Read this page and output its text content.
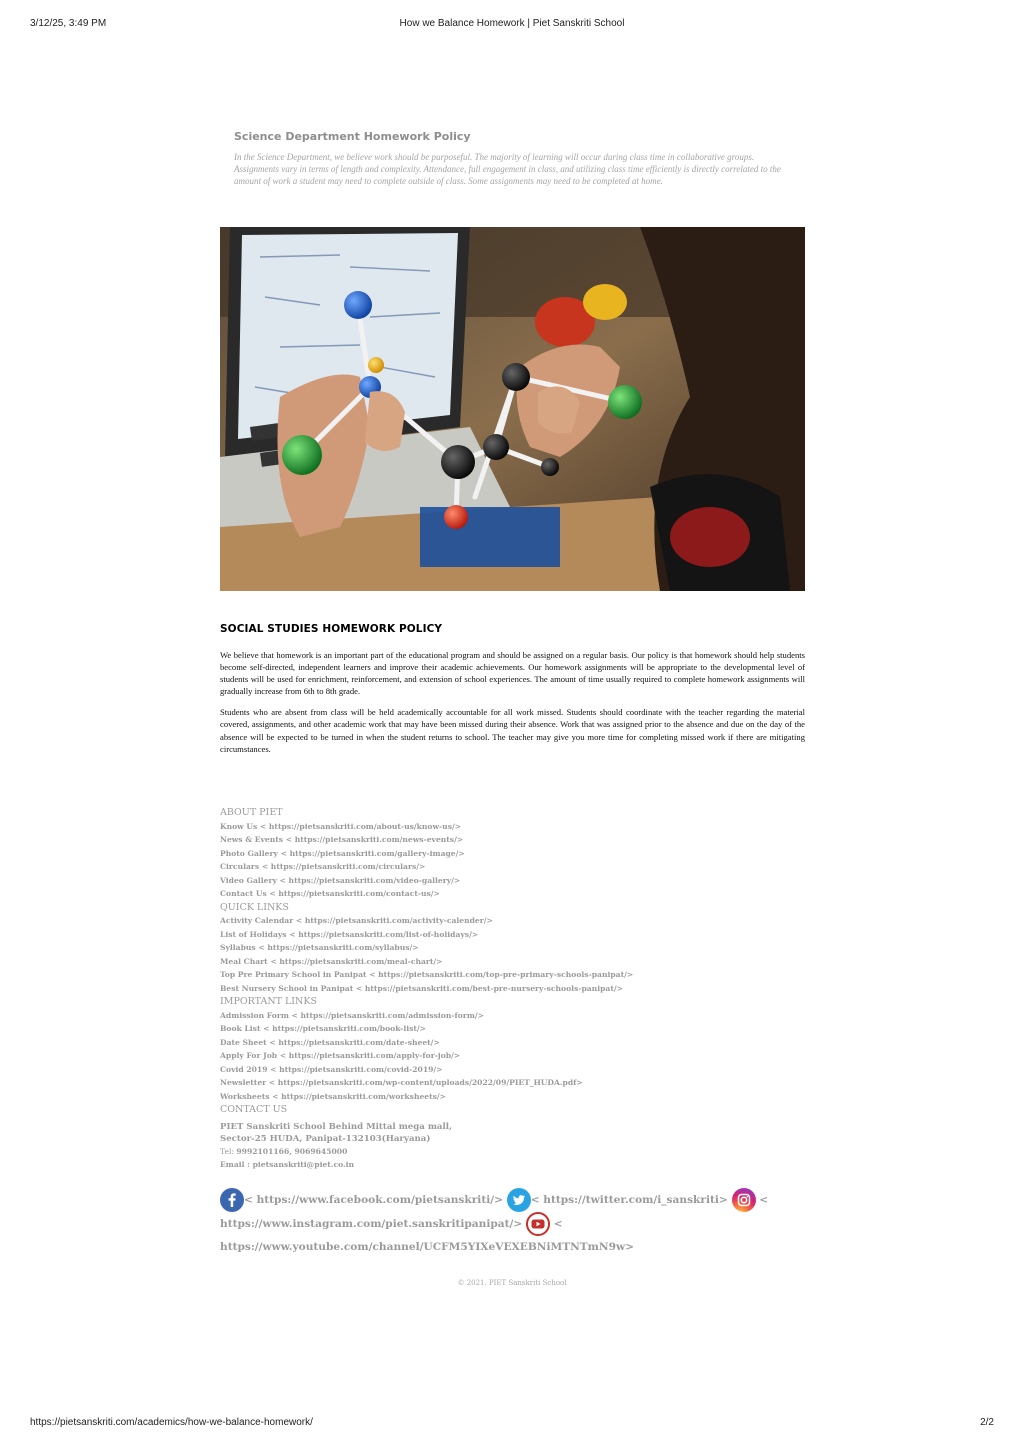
3/12/25, 3:49 PM	How we Balance Homework | Piet Sanskriti School
Science Department Homework Policy

In the Science Department, we believe work should be purposeful. The majority of learning will occur during class time in collaborative groups. Assignments vary in terms of length and complexity. Attendance, full engagement in class, and utilizing class time efficiently is directly correlated to the amount of work a student may need to complete outside of class. Some assignments may need to be completed at home.

SOCIAL STUDIES HOMEWORK POLICY

We believe that homework is an important part of the educational program and should be assigned on a regular basis. Our policy is that homework should help students become self-directed, independent learners and improve their academic achievements. Our homework assignments will be appropriate to the developmental level of students will be used for enrichment, reinforcement, and extension of school experiences. The amount of time usually required to complete homework assignments will gradually increase from 6th to 8th grade.

Students who are absent from class will be held academically accountable for all work missed. Students should coordinate with the teacher regarding the material covered, assignments, and other academic work that may have been missed during their absence. Work that was assigned prior to the absence and due on the day of the absence will be expected to be turned in when the student returns to school. The teacher may give you more time for completing missed work if there are mitigating circumstances.

ABOUT PIET
Know Us < https://pietsanskriti.com/about-us/know-us/>
News & Events < https://pietsanskriti.com/news-events/>
Photo Gallery < https://pietsanskriti.com/gallery-image/>
Circulars < https://pietsanskriti.com/circulars/>
Video Gallery < https://pietsanskriti.com/video-gallery/>
Contact Us < https://pietsanskriti.com/contact-us/>
QUICK LINKS
Activity Calendar < https://pietsanskriti.com/activity-calender/>
List of Holidays < https://pietsanskriti.com/list-of-holidays/>
Syllabus < https://pietsanskriti.com/syllabus/>
Meal Chart < https://pietsanskriti.com/meal-chart/>
Top Pre Primary School in Panipat < https://pietsanskriti.com/top-pre-primary-schools-panipat/>
Best Nursery School in Panipat < https://pietsanskriti.com/best-pre-nursery-schools-panipat/>
IMPORTANT LINKS
Admission Form < https://pietsanskriti.com/admission-form/>
Book List < https://pietsanskriti.com/book-list/>
Date Sheet < https://pietsanskriti.com/date-sheet/>
Apply For Job < https://pietsanskriti.com/apply-for-job/>
Covid 2019 < https://pietsanskriti.com/covid-2019/>
Newsletter < https://pietsanskriti.com/wp-content/uploads/2022/09/PIET_HUDA.pdf>
Worksheets < https://pietsanskriti.com/worksheets/>
CONTACT US
PIET Sanskriti School Behind Mittal mega mall,
Sector-25 HUDA, Panipat-132103(Haryana)
Tel: 9992101166, 9069645000
Email : pietsanskriti@piet.co.in
< https://www.facebook.com/pietsanskriti/>	< https://twitter.com/i_sanskriti>	<
https://www.instagram.com/piet.sanskritipanipat/>	<
https://www.youtube.com/channel/UCFM5YIXeVEXEBNiMTNTmN9w>
© 2021. PIET Sanskriti School
https://pietsanskriti.com/academics/how-we-balance-homework/	2/2
